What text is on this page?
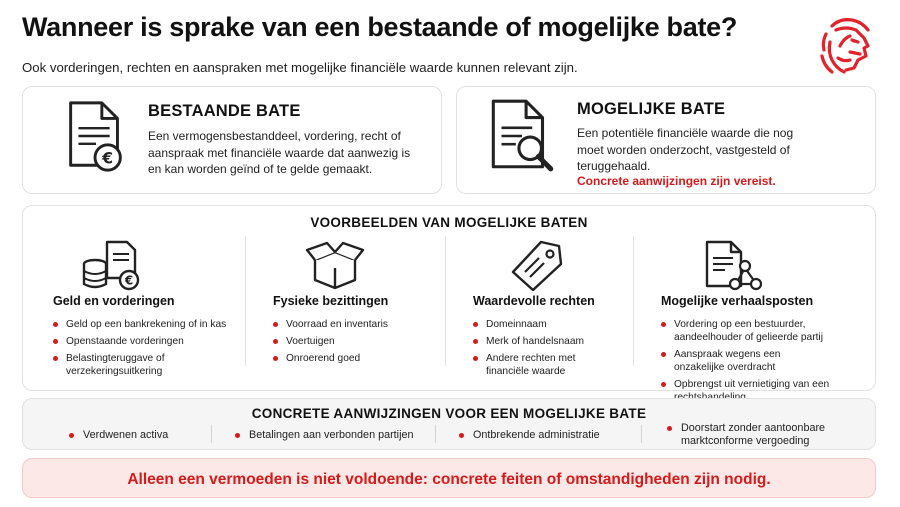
Wanneer is sprake van een bestaande of mogelijke bate?
Ook vorderingen, rechten en aanspraken met mogelijke financiële waarde kunnen relevant zijn.
€
BESTAANDE BATE
Een vermogensbestanddeel, vordering, recht of aanspraak met financiële waarde dat aanwezig is en kan worden geïnd of te gelde gemaakt.
MOGELIJKE BATE
Een potentiële financiële waarde die nog moet worden onderzocht, vastgesteld of teruggehaald.
Concrete aanwijzingen zijn vereist.
VOORBEELDEN VAN MOGELIJKE BATEN
€
Geld en vorderingen
Geld op een bankrekening of in kas
Openstaande vorderingen
Belastingteruggave of verzekeringsuitkering
Fysieke bezittingen
Voorraad en inventaris
Voertuigen
Onroerend goed
Waardevolle rechten
Domeinnaam
Merk of handelsnaam
Andere rechten met financiële waarde
Mogelijke verhaalsposten
Vordering op een bestuurder, aandeelhouder of gelieerde partij
Aanspraak wegens een onzakelijke overdracht
Opbrengst uit vernietiging van een
CONCRETE AANWIJZINGEN VOOR EEN MOGELIJKE BATE
Verdwenen activa	Betalingen aan verbonden partijen	Ontbrekende administratie
Doorstart zonder aantoonbare marktconforme vergoeding
Alleen een vermoeden is niet voldoende: concrete feiten of omstandigheden zijn nodig.
